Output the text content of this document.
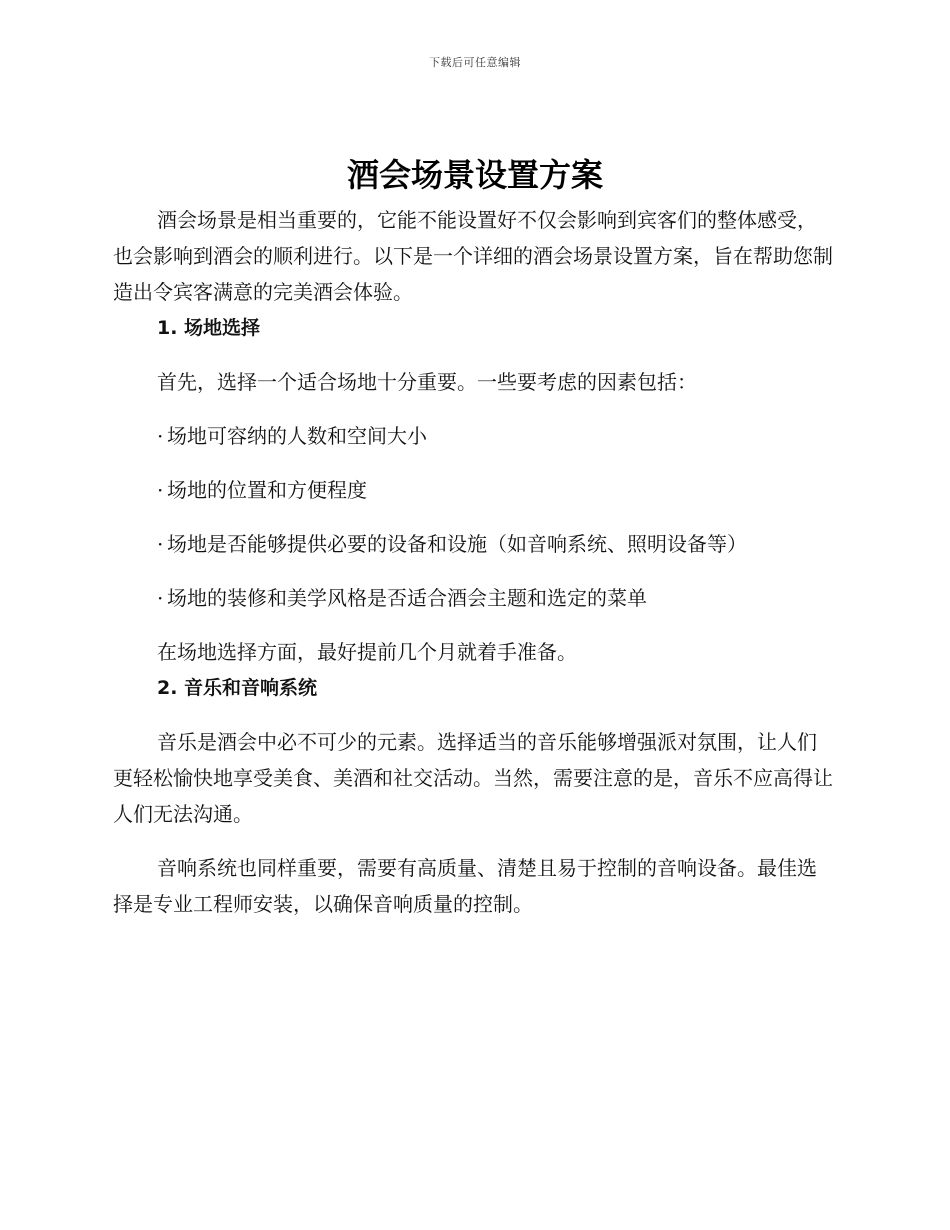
下载后可任意编辑
酒会场景设置方案

酒会场景是相当重要的，它能不能设置好不仅会影响到宾客们的整体感受，也会影响到酒会的顺利进行。以下是一个详细的酒会场景设置方案，旨在帮助您制造出令宾客满意的完美酒会体验。

1. 场地选择

首先，选择一个适合场地十分重要。一些要考虑的因素包括：

· 场地可容纳的人数和空间大小
· 场地的位置和方便程度
· 场地是否能够提供必要的设备和设施（如音响系统、照明设备等）
· 场地的装修和美学风格是否适合酒会主题和选定的菜单

在场地选择方面，最好提前几个月就着手准备。

2. 音乐和音响系统

音乐是酒会中必不可少的元素。选择适当的音乐能够增强派对氛围，让人们更轻松愉快地享受美食、美酒和社交活动。当然，需要注意的是，音乐不应高得让人们无法沟通。

音响系统也同样重要，需要有高质量、清楚且易于控制的音响设备。最佳选择是专业工程师安装，以确保音响质量的控制。
